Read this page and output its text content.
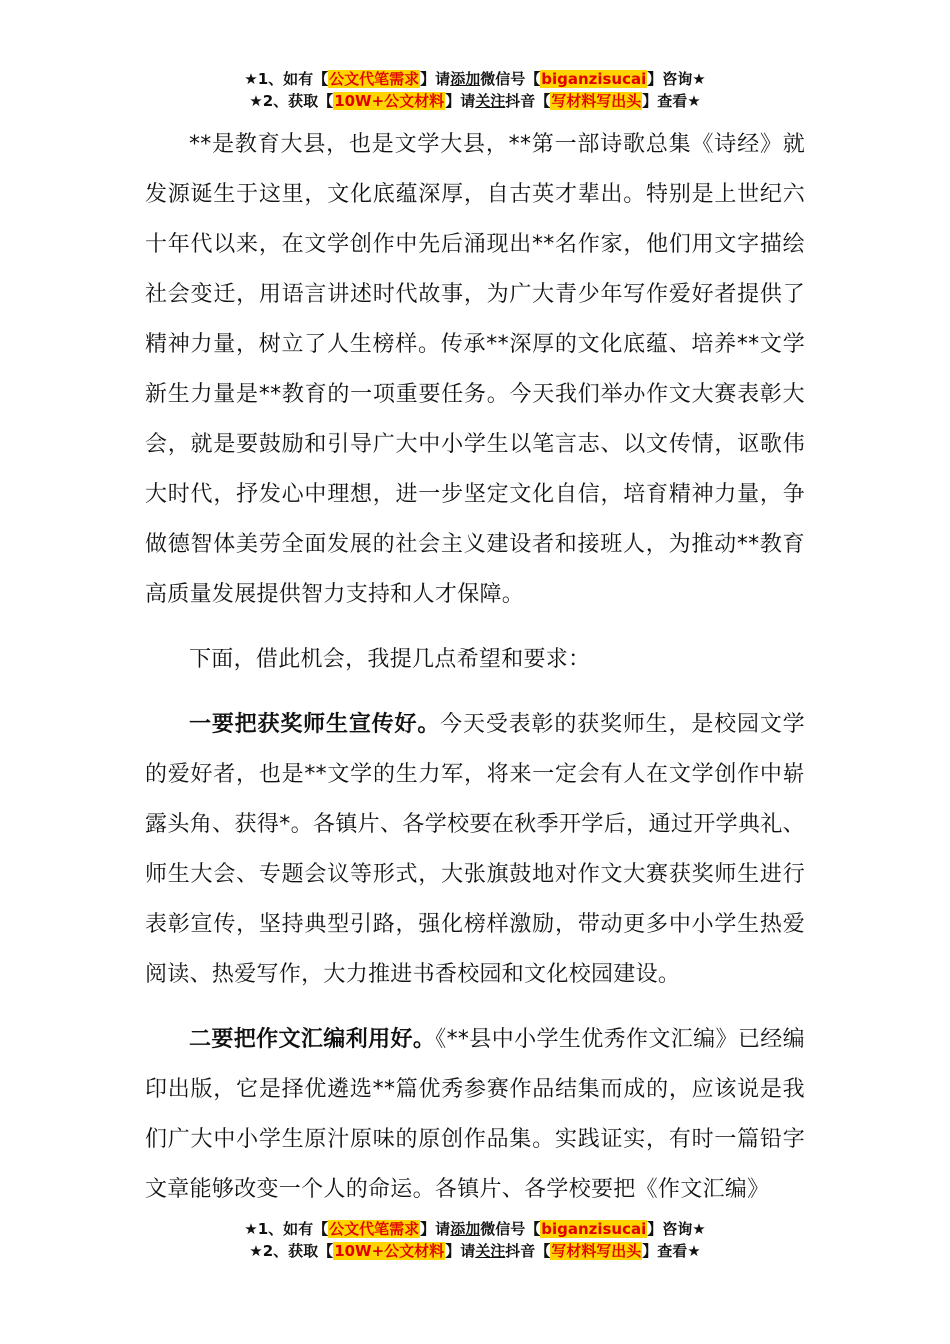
★1、如有【公文代笔需求】请添加微信号【biganzisucai】咨询★
★2、获取【10W+公文材料】请关注抖音【写材料写出头】查看★

**是教育大县，也是文学大县，**第一部诗歌总集《诗经》就发源诞生于这里，文化底蕴深厚，自古英才辈出。特别是上世纪六十年代以来，在文学创作中先后涌现出**名作家，他们用文字描绘社会变迁，用语言讲述时代故事，为广大青少年写作爱好者提供了精神力量，树立了人生榜样。传承**深厚的文化底蕴、培养**文学新生力量是**教育的一项重要任务。今天我们举办作文大赛表彰大会，就是要鼓励和引导广大中小学生以笔言志、以文传情，讴歌伟大时代，抒发心中理想，进一步坚定文化自信，培育精神力量，争做德智体美劳全面发展的社会主义建设者和接班人，为推动**教育高质量发展提供智力支持和人才保障。

下面，借此机会，我提几点希望和要求：

一要把获奖师生宣传好。今天受表彰的获奖师生，是校园文学的爱好者，也是**文学的生力军，将来一定会有人在文学创作中崭露头角、获得*。各镇片、各学校要在秋季开学后，通过开学典礼、师生大会、专题会议等形式，大张旗鼓地对作文大赛获奖师生进行表彰宣传，坚持典型引路，强化榜样激励，带动更多中小学生热爱阅读、热爱写作，大力推进书香校园和文化校园建设。

二要把作文汇编利用好。《**县中小学生优秀作文汇编》已经编印出版，它是择优遴选**篇优秀参赛作品结集而成的，应该说是我们广大中小学生原汁原味的原创作品集。实践证实，有时一篇铅字文章能够改变一个人的命运。各镇片、各学校要把《作文汇编》

★1、如有【公文代笔需求】请添加微信号【biganzisucai】咨询★
★2、获取【10W+公文材料】请关注抖音【写材料写出头】查看★
